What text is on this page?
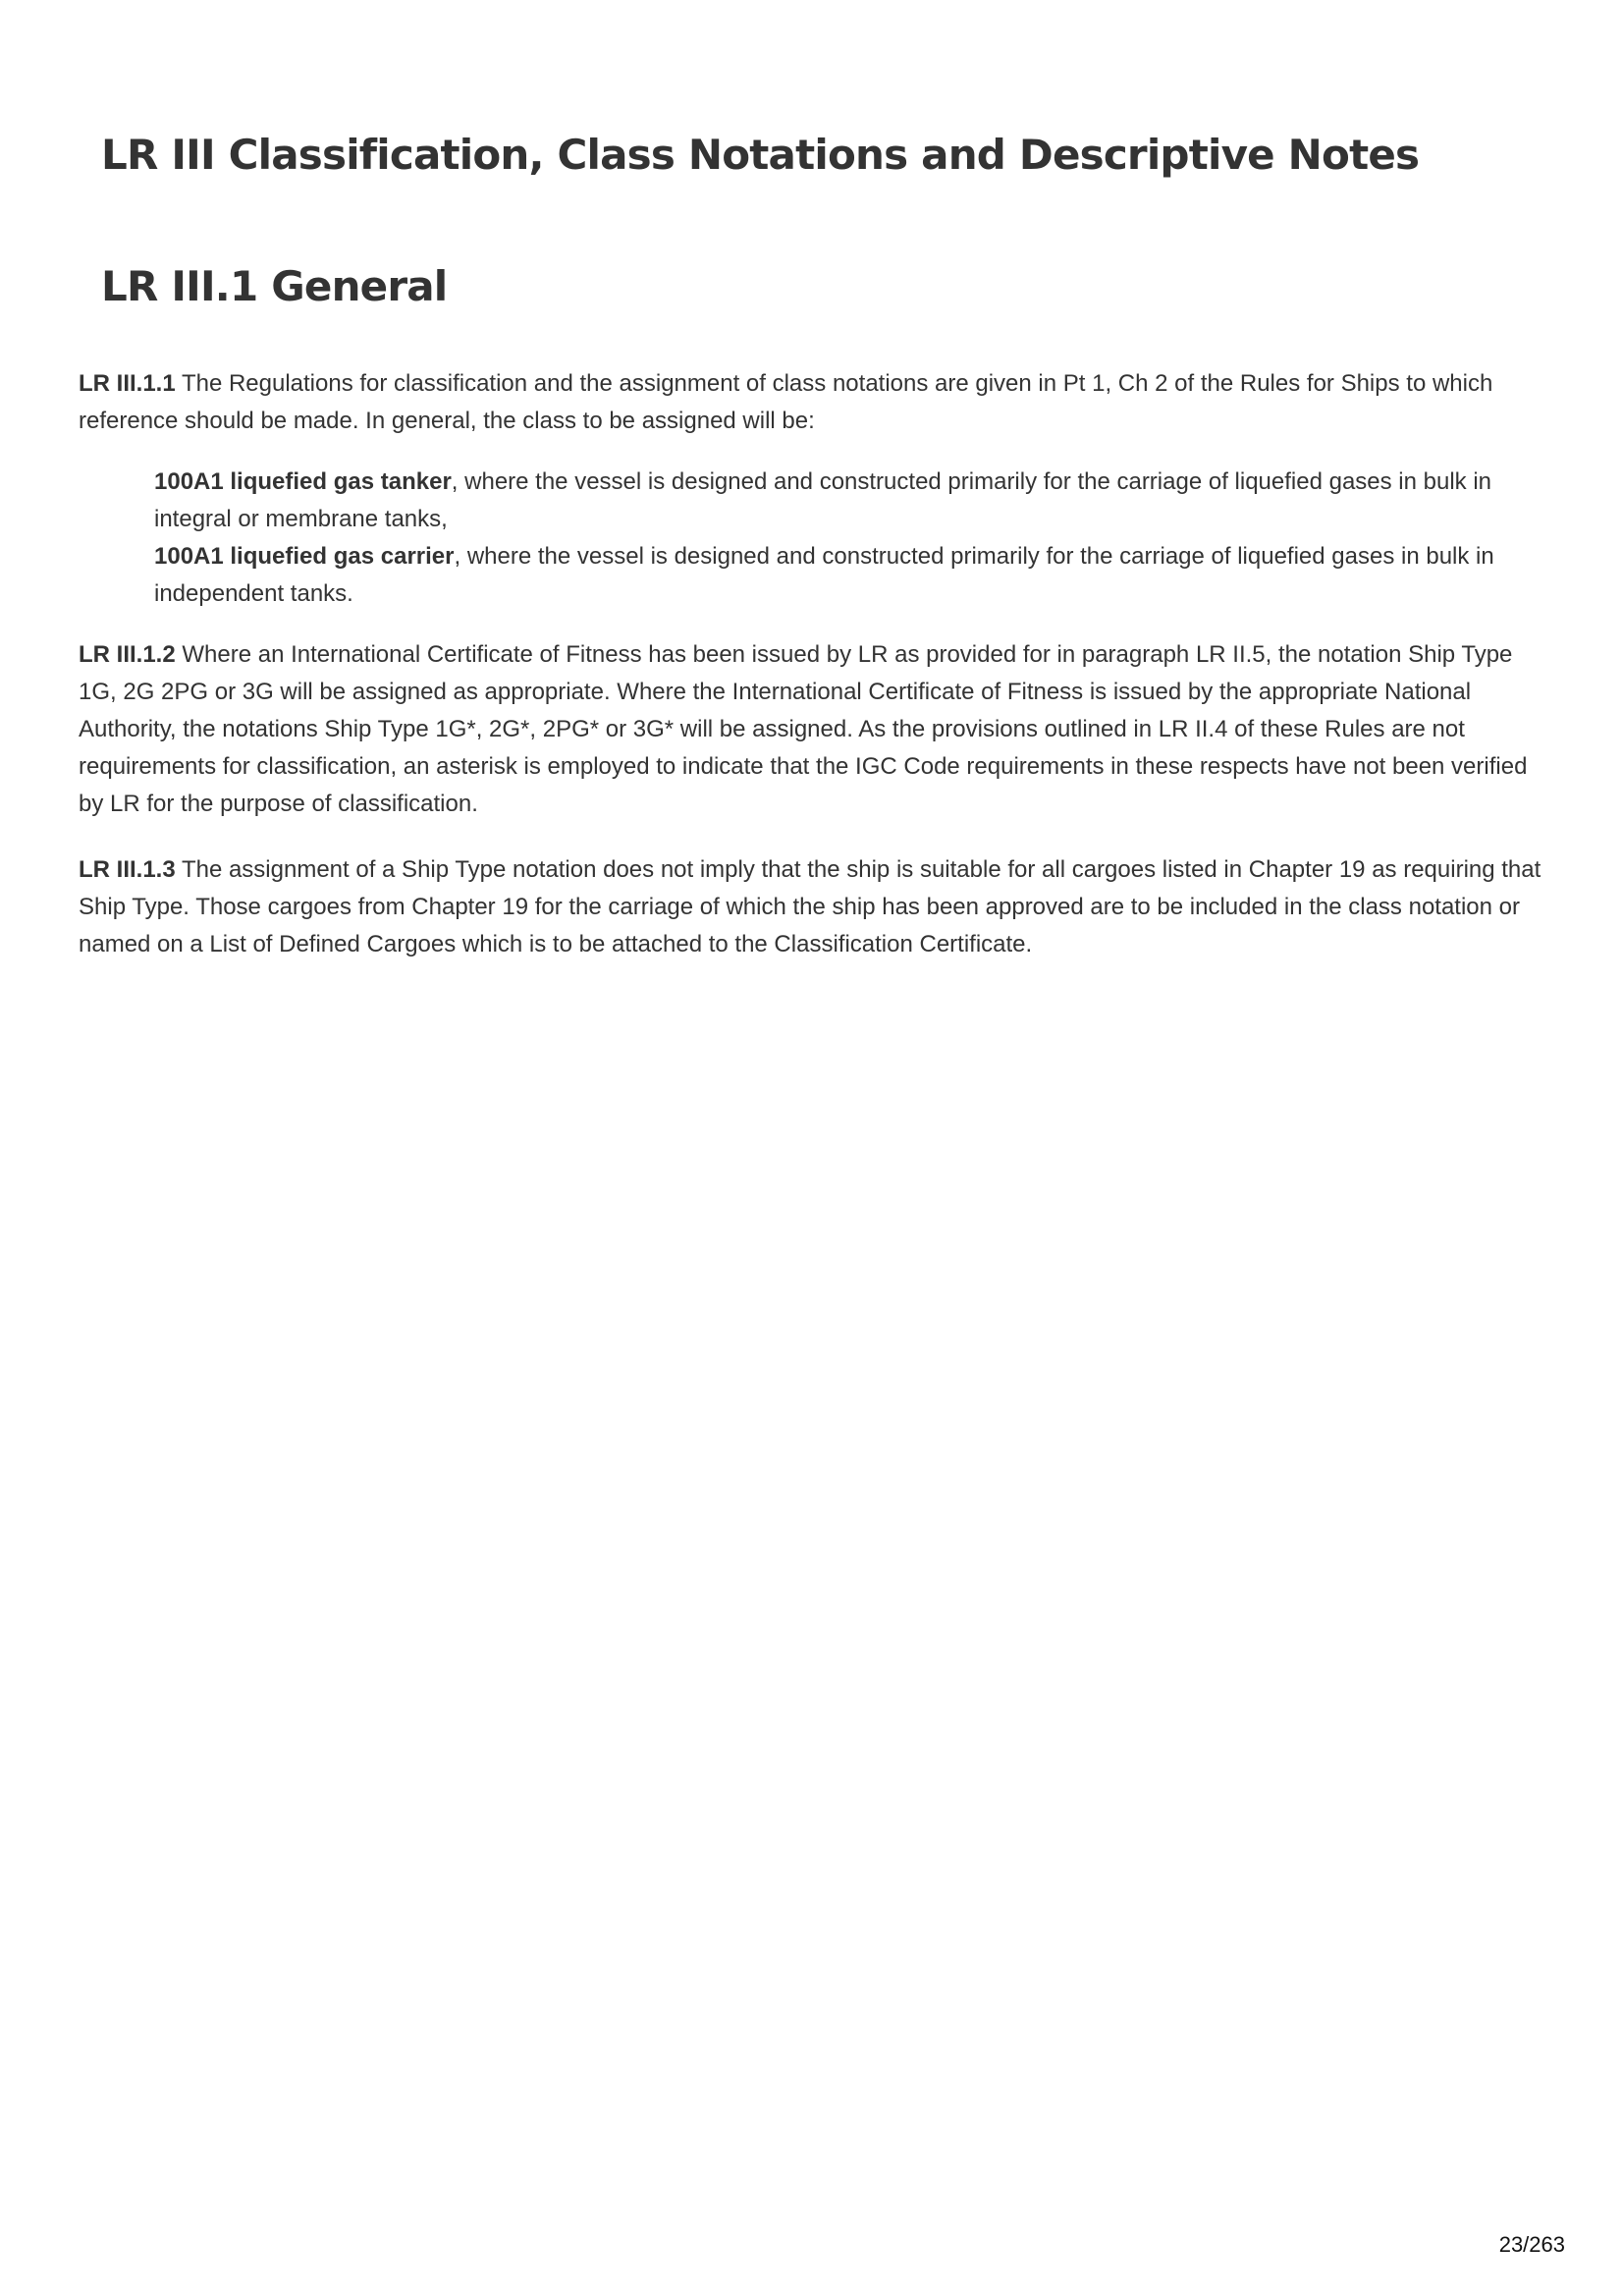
LR III Classification, Class Notations and Descriptive Notes
LR III.1 General

LR III.1.1 The Regulations for classification and the assignment of class notations are given in Pt 1, Ch 2 of the Rules for Ships to which reference should be made. In general, the class to be assigned will be:

100A1 liquefied gas tanker, where the vessel is designed and constructed primarily for the carriage of liquefied gases in bulk in integral or membrane tanks,
100A1 liquefied gas carrier, where the vessel is designed and constructed primarily for the carriage of liquefied gases in bulk in independent tanks.

LR III.1.2 Where an International Certificate of Fitness has been issued by LR as provided for in paragraph LR II.5, the notation Ship Type 1G, 2G 2PG or 3G will be assigned as appropriate. Where the International Certificate of Fitness is issued by the appropriate National Authority, the notations Ship Type 1G*, 2G*, 2PG* or 3G* will be assigned. As the provisions outlined in LR II.4 of these Rules are not requirements for classification, an asterisk is employed to indicate that the IGC Code requirements in these respects have not been verified by LR for the purpose of classification.

LR III.1.3 The assignment of a Ship Type notation does not imply that the ship is suitable for all cargoes listed in Chapter 19 as requiring that Ship Type. Those cargoes from Chapter 19 for the carriage of which the ship has been approved are to be included in the class notation or named on a List of Defined Cargoes which is to be attached to the Classification Certificate.

23/263
